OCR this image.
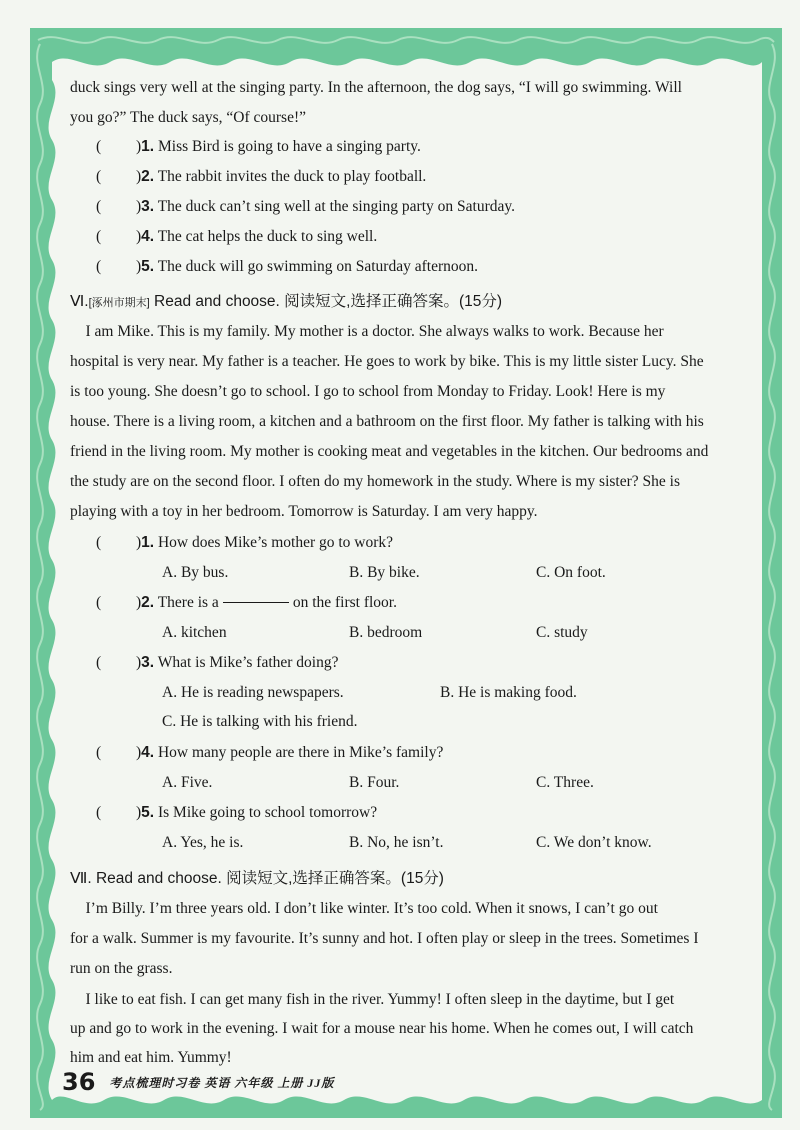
duck sings very well at the singing party. In the afternoon, the dog says, “I will go swimming. Will
you go?” The duck says, “Of course!”
( )1. Miss Bird is going to have a singing party.
( )2. The rabbit invites the duck to play football.
( )3. The duck can’t sing well at the singing party on Saturday.
( )4. The cat helps the duck to sing well.
( )5. The duck will go swimming on Saturday afternoon.
Ⅵ.[涿州市期末] Read and choose. 阅读短文,选择正确答案。(15分)
 I am Mike. This is my family. My mother is a doctor. She always walks to work. Because her
hospital is very near. My father is a teacher. He goes to work by bike. This is my little sister Lucy. She
is too young. She doesn’t go to school. I go to school from Monday to Friday. Look! Here is my
house. There is a living room, a kitchen and a bathroom on the first floor. My father is talking with his
friend in the living room. My mother is cooking meat and vegetables in the kitchen. Our bedrooms and
the study are on the second floor. I often do my homework in the study. Where is my sister? She is
playing with a toy in her bedroom. Tomorrow is Saturday. I am very happy.
( )1. How does Mike’s mother go to work?
A. By bus.	B. By bike.	C. On foot.
( )2. There is a	on the first floor.
A. kitchen	B. bedroom	C. study
( )3. What is Mike’s father doing?
A. He is reading newspapers.	B. He is making food.
C. He is talking with his friend.
( )4. How many people are there in Mike’s family?
A. Five.	B. Four.	C. Three.
( )5. Is Mike going to school tomorrow?
A. Yes, he is.	B. No, he isn’t.	C. We don’t know.
Ⅶ. Read and choose. 阅读短文,选择正确答案。(15分)
 I’m Billy. I’m three years old. I don’t like winter. It’s too cold. When it snows, I can’t go out
for a walk. Summer is my favourite. It’s sunny and hot. I often play or sleep in the trees. Sometimes I
run on the grass.
 I like to eat fish. I can get many fish in the river. Yummy! I often sleep in the daytime, but I get
up and go to work in the evening. I wait for a mouse near his home. When he comes out, I will catch
him and eat him. Yummy!
36 考点梳理时习卷 英语 六年级 上册 JJ版
